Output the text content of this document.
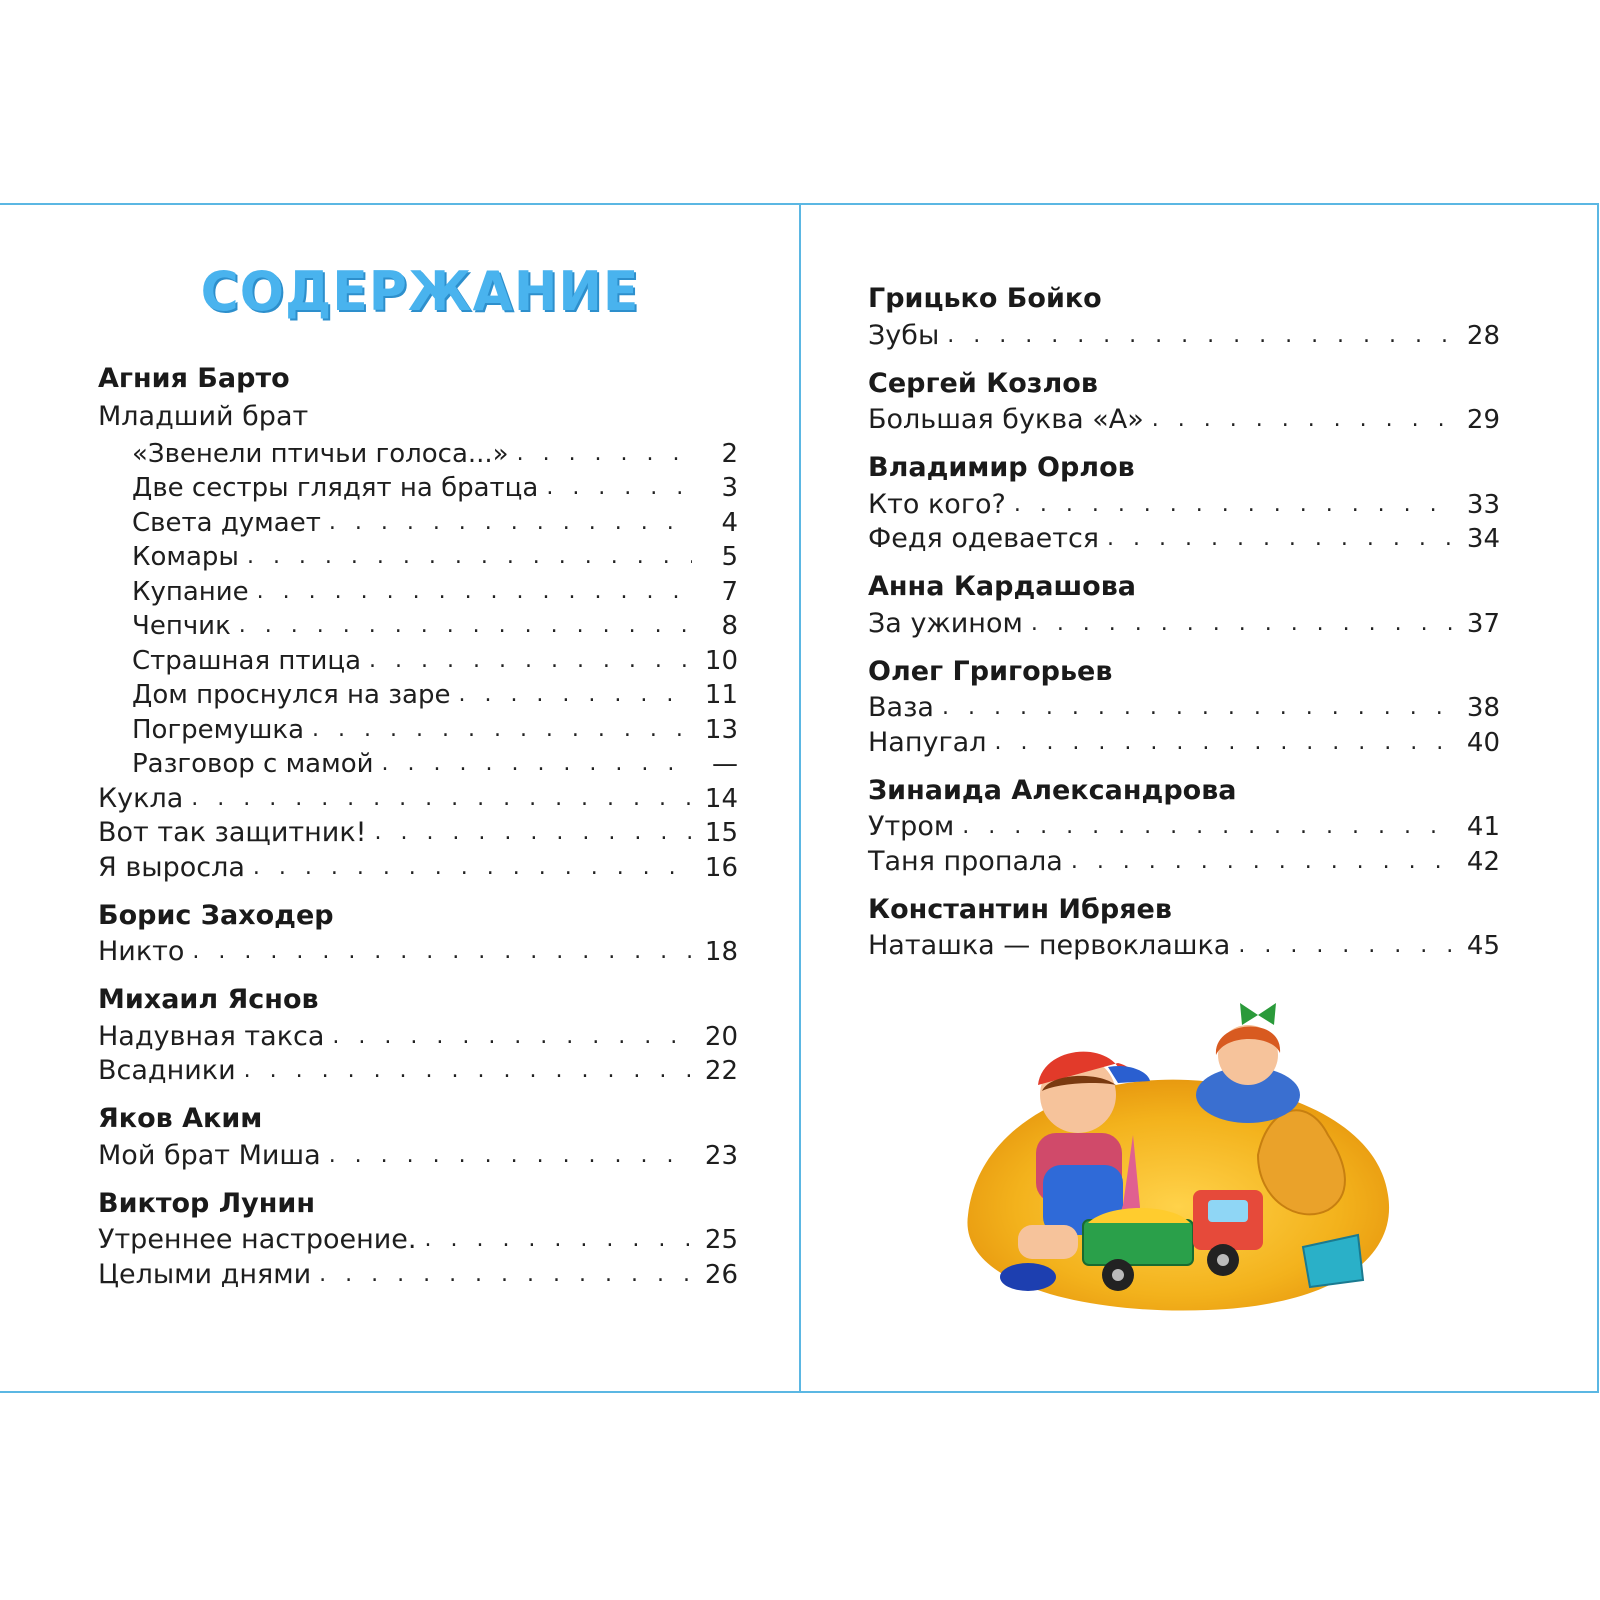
СОДЕРЖАНИЕ
Агния Барто
Младший брат
«Звенели птичьи голоса...» . . .	2
Две сестры глядят на братца . . .	3
Света думает . . .	4
Комары . . .	5
Купание . . .	7
Чепчик . . .	8
Страшная птица . . .	10
Дом проснулся на заре . . .	11
Погремушка . . .	13
Разговор с мамой . . .	—
Кукла . . .	14
Вот так защитник! . . .	15
Я выросла . . .	16
Борис Заходер
Никто . . .	18
Михаил Яснов
Надувная такса . . .	20
Всадники . . .	22
Яков Аким
Мой брат Миша . . .	23
Виктор Лунин
Утреннее настроение. . . .	25
Целыми днями . . .	26
Грицько Бойко
Зубы . . .	28
Сергей Козлов
Большая буква «А» . . .	29
Владимир Орлов
Кто кого? . . .	33
Федя одевается . . .	34
Анна Кардашова
За ужином . . .	37
Олег Григорьев
Ваза . . .	38
Напугал . . .	40
Зинаида Александрова
Утром . . .	41
Таня пропала . . .	42
Константин Ибряев
Наташка — первоклашка . . .	45
